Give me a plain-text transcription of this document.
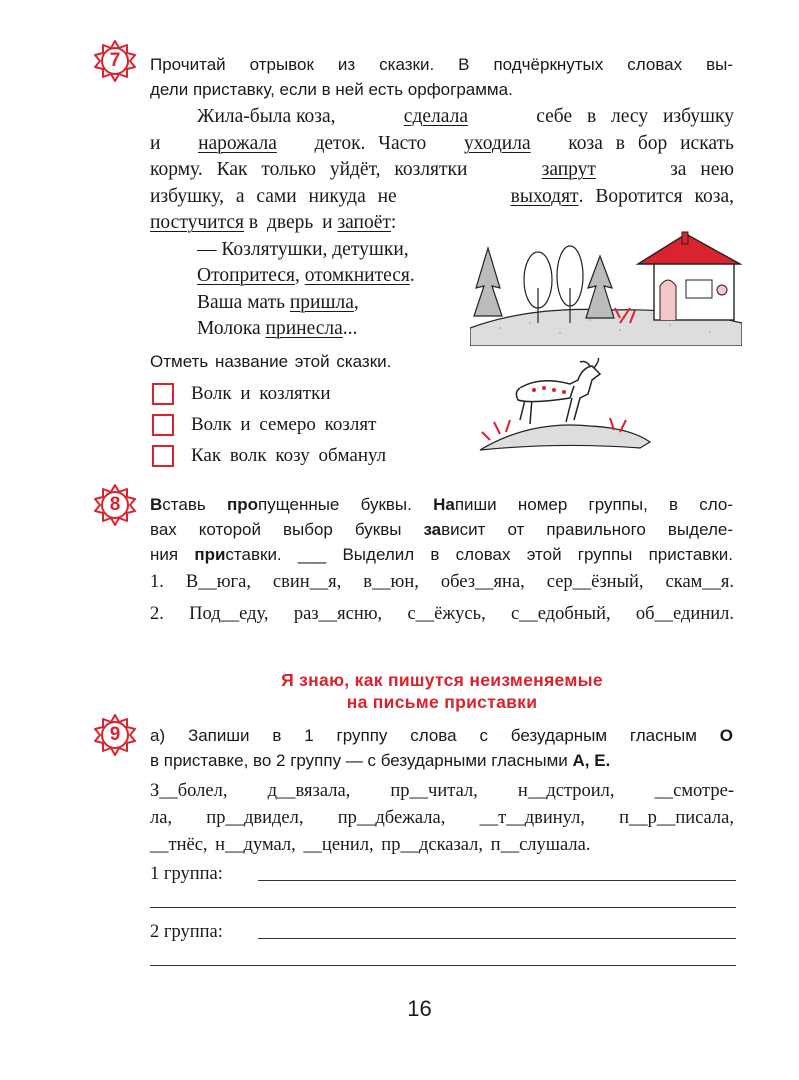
7	Прочитай отрывок из сказки. В подчёркнутых словах вы-
дели приставку, если в ней есть орфограмма.
Жила-была коза,	сделала	себе в лесу избушку
и нарожала деток. Часто уходила коза в бор искать
корму. Как только уйдёт, козлятки	запрут	за нею
избушку, а сами никуда не	выходят. Воротится коза,
постучится в дверь и запоёт:
— Козлятушки, детушки,
Отопритеся, отомкнитеся.
Ваша мать пришла,
Молока принесла...
Отметь название этой сказки.
Волк и козлятки
Волк и семеро козлят
Как волк козу обманул
8	Вставь пропущенные буквы. Напиши номер группы, в сло-
вах которой выбор буквы зависит от правильного выделе-
ния приставки. ___ Выделил в словах этой группы приставки.
1. В__юга, свин__я, в__юн, обез__яна, сер__ёзный, скам__я.
2. Под__еду, раз__ясню, с__ёжусь, с__едобный, об__единил.
Я знаю, как пишутся неизменяемые
на письме приставки
9	а) Запиши в 1 группу слова с безударным гласным О
в приставке, во 2 группу — с безударными гласными А, Е.
З__болел, д__вязала, пр__читал, н__дстроил, __смотре-
ла, пр__двидел, пр__дбежала, __т__двинул, п__р__писала,
__тнёс, н__думал, __ценил, пр__дсказал, п__слушала.
1 группа:
2 группа:
16
